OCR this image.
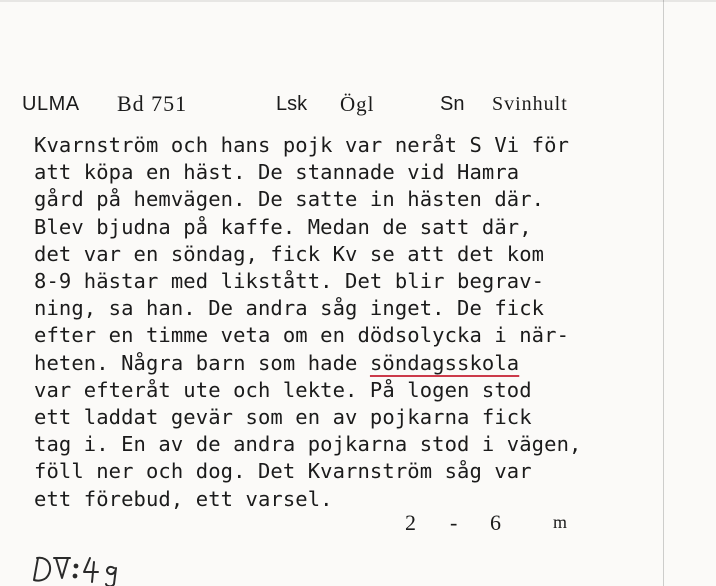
ULMA Bd 751	Lsk Ögl	Sn Svinhult
Kvarnström och hans pojk var neråt S Vi för
att köpa en häst. De stannade vid Hamra
gård på hemvägen. De satte in hästen där.
Blev bjudna på kaffe. Medan de satt där,
det var en söndag, fick Kv se att det kom
8-9 hästar med likstått. Det blir begrav-
ning, sa han. De andra såg inget. De fick
efter en timme veta om en dödsolycka i när-
heten. Några barn som hade söndagsskola
var efteråt ute och lekte. På logen stod
ett laddat gevär som en av pojkarna fick
tag i. En av de andra pojkarna stod i vägen,
föll ner och dog. Det Kvarnström såg var
ett förebud, ett varsel.
2 - 6	m
